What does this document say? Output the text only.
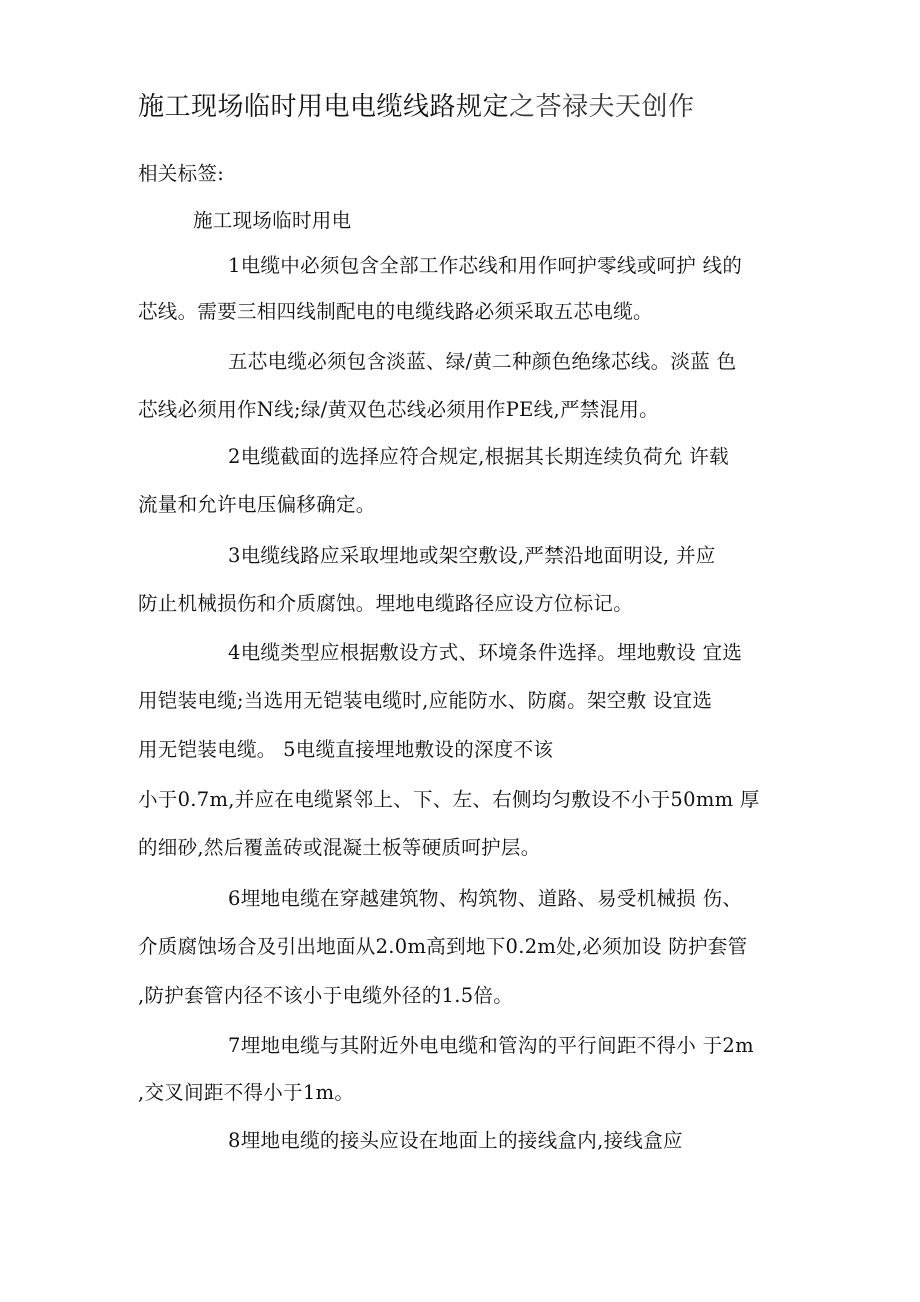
施工现场临时用电电缆线路规定之荅禄夫天创作
相关标签:
施工现场临时用电
1电缆中必须包含全部工作芯线和用作呵护零线或呵护 线的
芯线。需要三相四线制配电的电缆线路必须采取五芯电缆。
五芯电缆必须包含淡蓝、绿/黄二种颜色绝缘芯线。淡蓝 色
芯线必须用作N线;绿/黄双色芯线必须用作PE线,严禁混用。
2电缆截面的选择应符合规定,根据其长期连续负荷允 许载
流量和允许电压偏移确定。
3电缆线路应采取埋地或架空敷设,严禁沿地面明设, 并应
防止机械损伤和介质腐蚀。埋地电缆路径应设方位标记。
4电缆类型应根据敷设方式、环境条件选择。埋地敷设 宜选
用铠装电缆;当选用无铠装电缆时,应能防水、防腐。架空敷 设宜选
用无铠装电缆。 5电缆直接埋地敷设的深度不该
小于0.7m,并应在电缆紧邻上、下、左、右侧均匀敷设不小于50mm 厚
的细砂,然后覆盖砖或混凝土板等硬质呵护层。
6埋地电缆在穿越建筑物、构筑物、道路、易受机械损 伤、
介质腐蚀场合及引出地面从2.0m高到地下0.2m处,必须加设 防护套管
,防护套管内径不该小于电缆外径的1.5倍。
7埋地电缆与其附近外电电缆和管沟的平行间距不得小 于2m
,交叉间距不得小于1m。
8埋地电缆的接头应设在地面上的接线盒内,接线盒应
